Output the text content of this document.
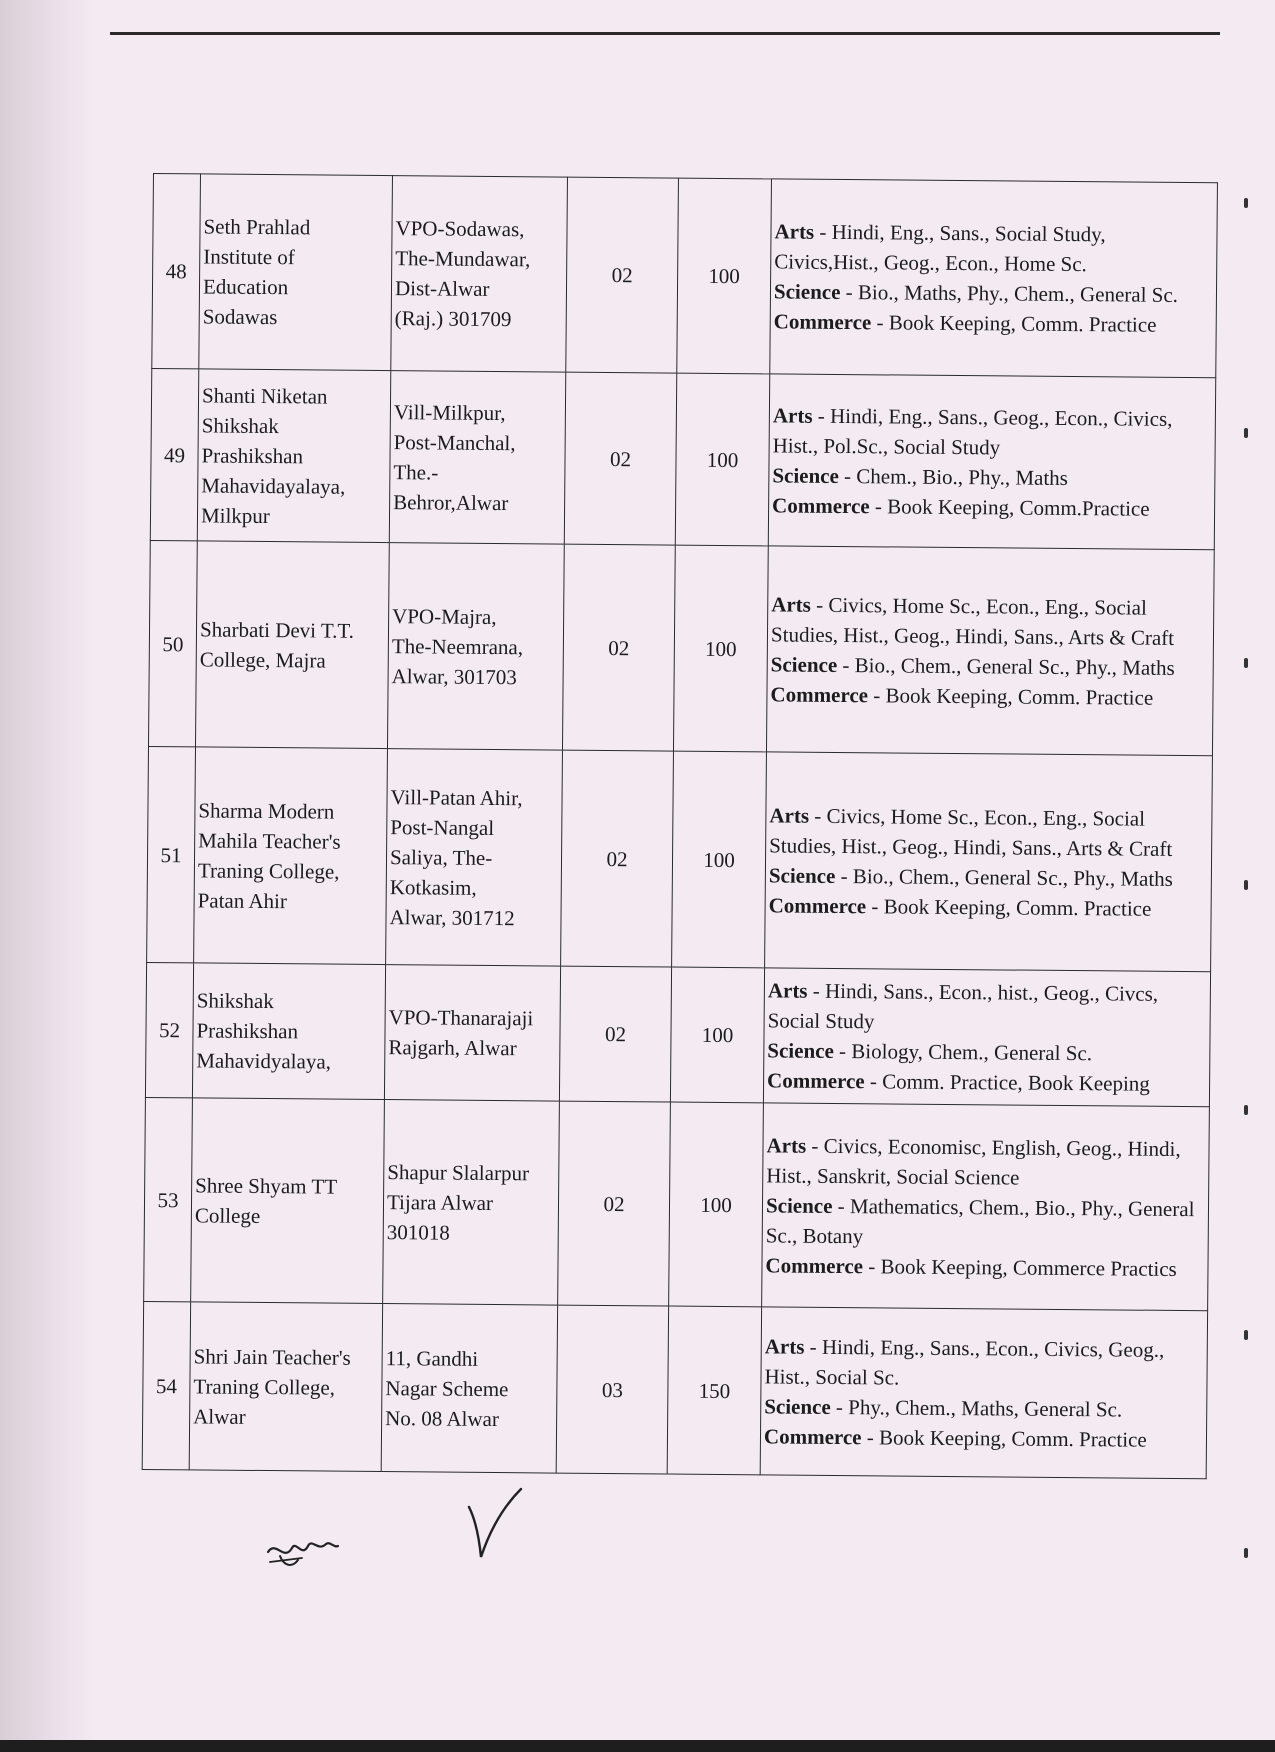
48	Seth Prahlad
Institute of
Education
Sodawas	VPO-Sodawas,
The-Mundawar,
Dist-Alwar
(Raj.) 301709	02	100	Arts - Hindi, Eng., Sans., Social Study, Civics,Hist., Geog., Econ., Home Sc.
Science - Bio., Maths, Phy., Chem., General Sc.
Commerce - Book Keeping, Comm. Practice

49	Shanti Niketan
Shikshak
Prashikshan
Mahavidayalaya,
Milkpur	Vill-Milkpur,
Post-Manchal,
The.-
Behror,Alwar	02	100	Arts - Hindi, Eng., Sans., Geog., Econ., Civics, Hist., Pol.Sc., Social Study
Science - Chem., Bio., Phy., Maths
Commerce - Book Keeping, Comm.Practice

50	Sharbati Devi T.T.
College, Majra	VPO-Majra,
The-Neemrana,
Alwar, 301703	02	100	Arts - Civics, Home Sc., Econ., Eng., Social Studies, Hist., Geog., Hindi, Sans., Arts & Craft
Science - Bio., Chem., General Sc., Phy., Maths
Commerce - Book Keeping, Comm. Practice

51	Sharma Modern
Mahila Teacher's
Traning College,
Patan Ahir	Vill-Patan Ahir,
Post-Nangal
Saliya, The-
Kotkasim,
Alwar, 301712	02	100	Arts - Civics, Home Sc., Econ., Eng., Social Studies, Hist., Geog., Hindi, Sans., Arts & Craft
Science - Bio., Chem., General Sc., Phy., Maths
Commerce - Book Keeping, Comm. Practice

52	Shikshak
Prashikshan
Mahavidyalaya,	VPO-Thanarajaji
Rajgarh, Alwar	02	100	Arts - Hindi, Sans., Econ., hist., Geog., Civcs, Social Study
Science - Biology, Chem., General Sc.
Commerce - Comm. Practice, Book Keeping

53	Shree Shyam TT
College	Shapur Slalarpur
Tijara Alwar
301018	02	100	Arts - Civics, Economisc, English, Geog., Hindi, Hist., Sanskrit, Social Science
Science - Mathematics, Chem., Bio., Phy., General Sc., Botany
Commerce - Book Keeping, Commerce Practics

54	Shri Jain Teacher's
Traning College,
Alwar	11, Gandhi
Nagar Scheme
No. 08 Alwar	03	150	Arts - Hindi, Eng., Sans., Econ., Civics, Geog., Hist., Social Sc.
Science - Phy., Chem., Maths, General Sc.
Commerce - Book Keeping, Comm. Practice
